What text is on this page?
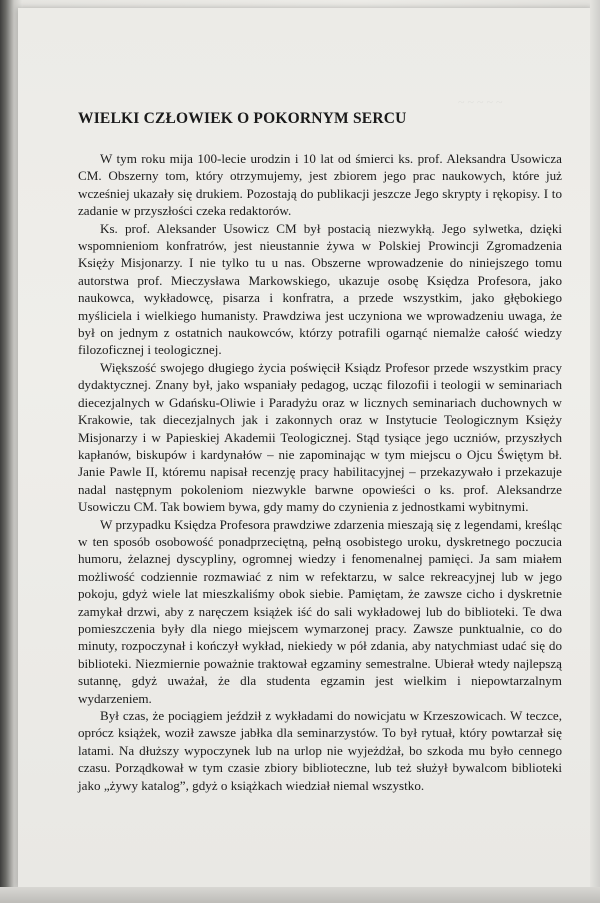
~ ~ ~ ~ ~
WIELKI CZŁOWIEK O POKORNYM SERCU

W tym roku mija 100-lecie urodzin i 10 lat od śmierci ks. prof. Aleksandra Usowicza CM. Obszerny tom, który otrzymujemy, jest zbiorem jego prac naukowych, które już wcześniej ukazały się drukiem. Pozostają do publikacji jeszcze Jego skrypty i rękopisy. I to zadanie w przyszłości czeka redaktorów.

Ks. prof. Aleksander Usowicz CM był postacią niezwykłą. Jego sylwetka, dzięki wspomnieniom konfratrów, jest nieustannie żywa w Polskiej Prowincji Zgromadzenia Księży Misjonarzy. I nie tylko tu u nas. Obszerne wprowadzenie do niniejszego tomu autorstwa prof. Mieczysława Markowskiego, ukazuje osobę Księdza Profesora, jako naukowca, wykładowcę, pisarza i konfratra, a przede wszystkim, jako głębokiego myśliciela i wielkiego humanisty. Prawdziwa jest uczyniona we wprowadzeniu uwaga, że był on jednym z ostatnich naukowców, którzy potrafili ogarnąć niemalże całość wiedzy filozoficznej i teologicznej.

Większość swojego długiego życia poświęcił Ksiądz Profesor przede wszystkim pracy dydaktycznej. Znany był, jako wspaniały pedagog, ucząc filozofii i teologii w seminariach diecezjalnych w Gdańsku-Oliwie i Paradyżu oraz w licznych seminariach duchownych w Krakowie, tak diecezjalnych jak i zakonnych oraz w Instytucie Teologicznym Księży Misjonarzy i w Papieskiej Akademii Teologicznej. Stąd tysiące jego uczniów, przyszłych kapłanów, biskupów i kardynałów – nie zapominając w tym miejscu o Ojcu Świętym bł. Janie Pawle II, któremu napisał recenzję pracy habilitacyjnej – przekazywało i przekazuje nadal następnym pokoleniom niezwykle barwne opowieści o ks. prof. Aleksandrze Usowiczu CM. Tak bowiem bywa, gdy mamy do czynienia z jednostkami wybitnymi.

W przypadku Księdza Profesora prawdziwe zdarzenia mieszają się z legendami, kreśląc w ten sposób osobowość ponadprzeciętną, pełną osobistego uroku, dyskretnego poczucia humoru, żelaznej dyscypliny, ogromnej wiedzy i fenomenalnej pamięci. Ja sam miałem możliwość codziennie rozmawiać z nim w refektarzu, w salce rekreacyjnej lub w jego pokoju, gdyż wiele lat mieszkaliśmy obok siebie. Pamiętam, że zawsze cicho i dyskretnie zamykał drzwi, aby z naręczem książek iść do sali wykładowej lub do biblioteki. Te dwa pomieszczenia były dla niego miejscem wymarzonej pracy. Zawsze punktualnie, co do minuty, rozpoczynał i kończył wykład, niekiedy w pół zdania, aby natychmiast udać się do biblioteki. Niezmiernie poważnie traktował egzaminy semestralne. Ubierał wtedy najlepszą sutannę, gdyż uważał, że dla studenta egzamin jest wielkim i niepowtarzalnym wydarzeniem.

Był czas, że pociągiem jeździł z wykładami do nowicjatu w Krzeszowicach. W teczce, oprócz książek, woził zawsze jabłka dla seminarzystów. To był rytuał, który powtarzał się latami. Na dłuższy wypoczynek lub na urlop nie wyjeżdżał, bo szkoda mu było cennego czasu. Porządkował w tym czasie zbiory biblioteczne, lub też służył bywalcom biblioteki jako „żywy katalog”, gdyż o książkach wiedział niemal wszystko.
